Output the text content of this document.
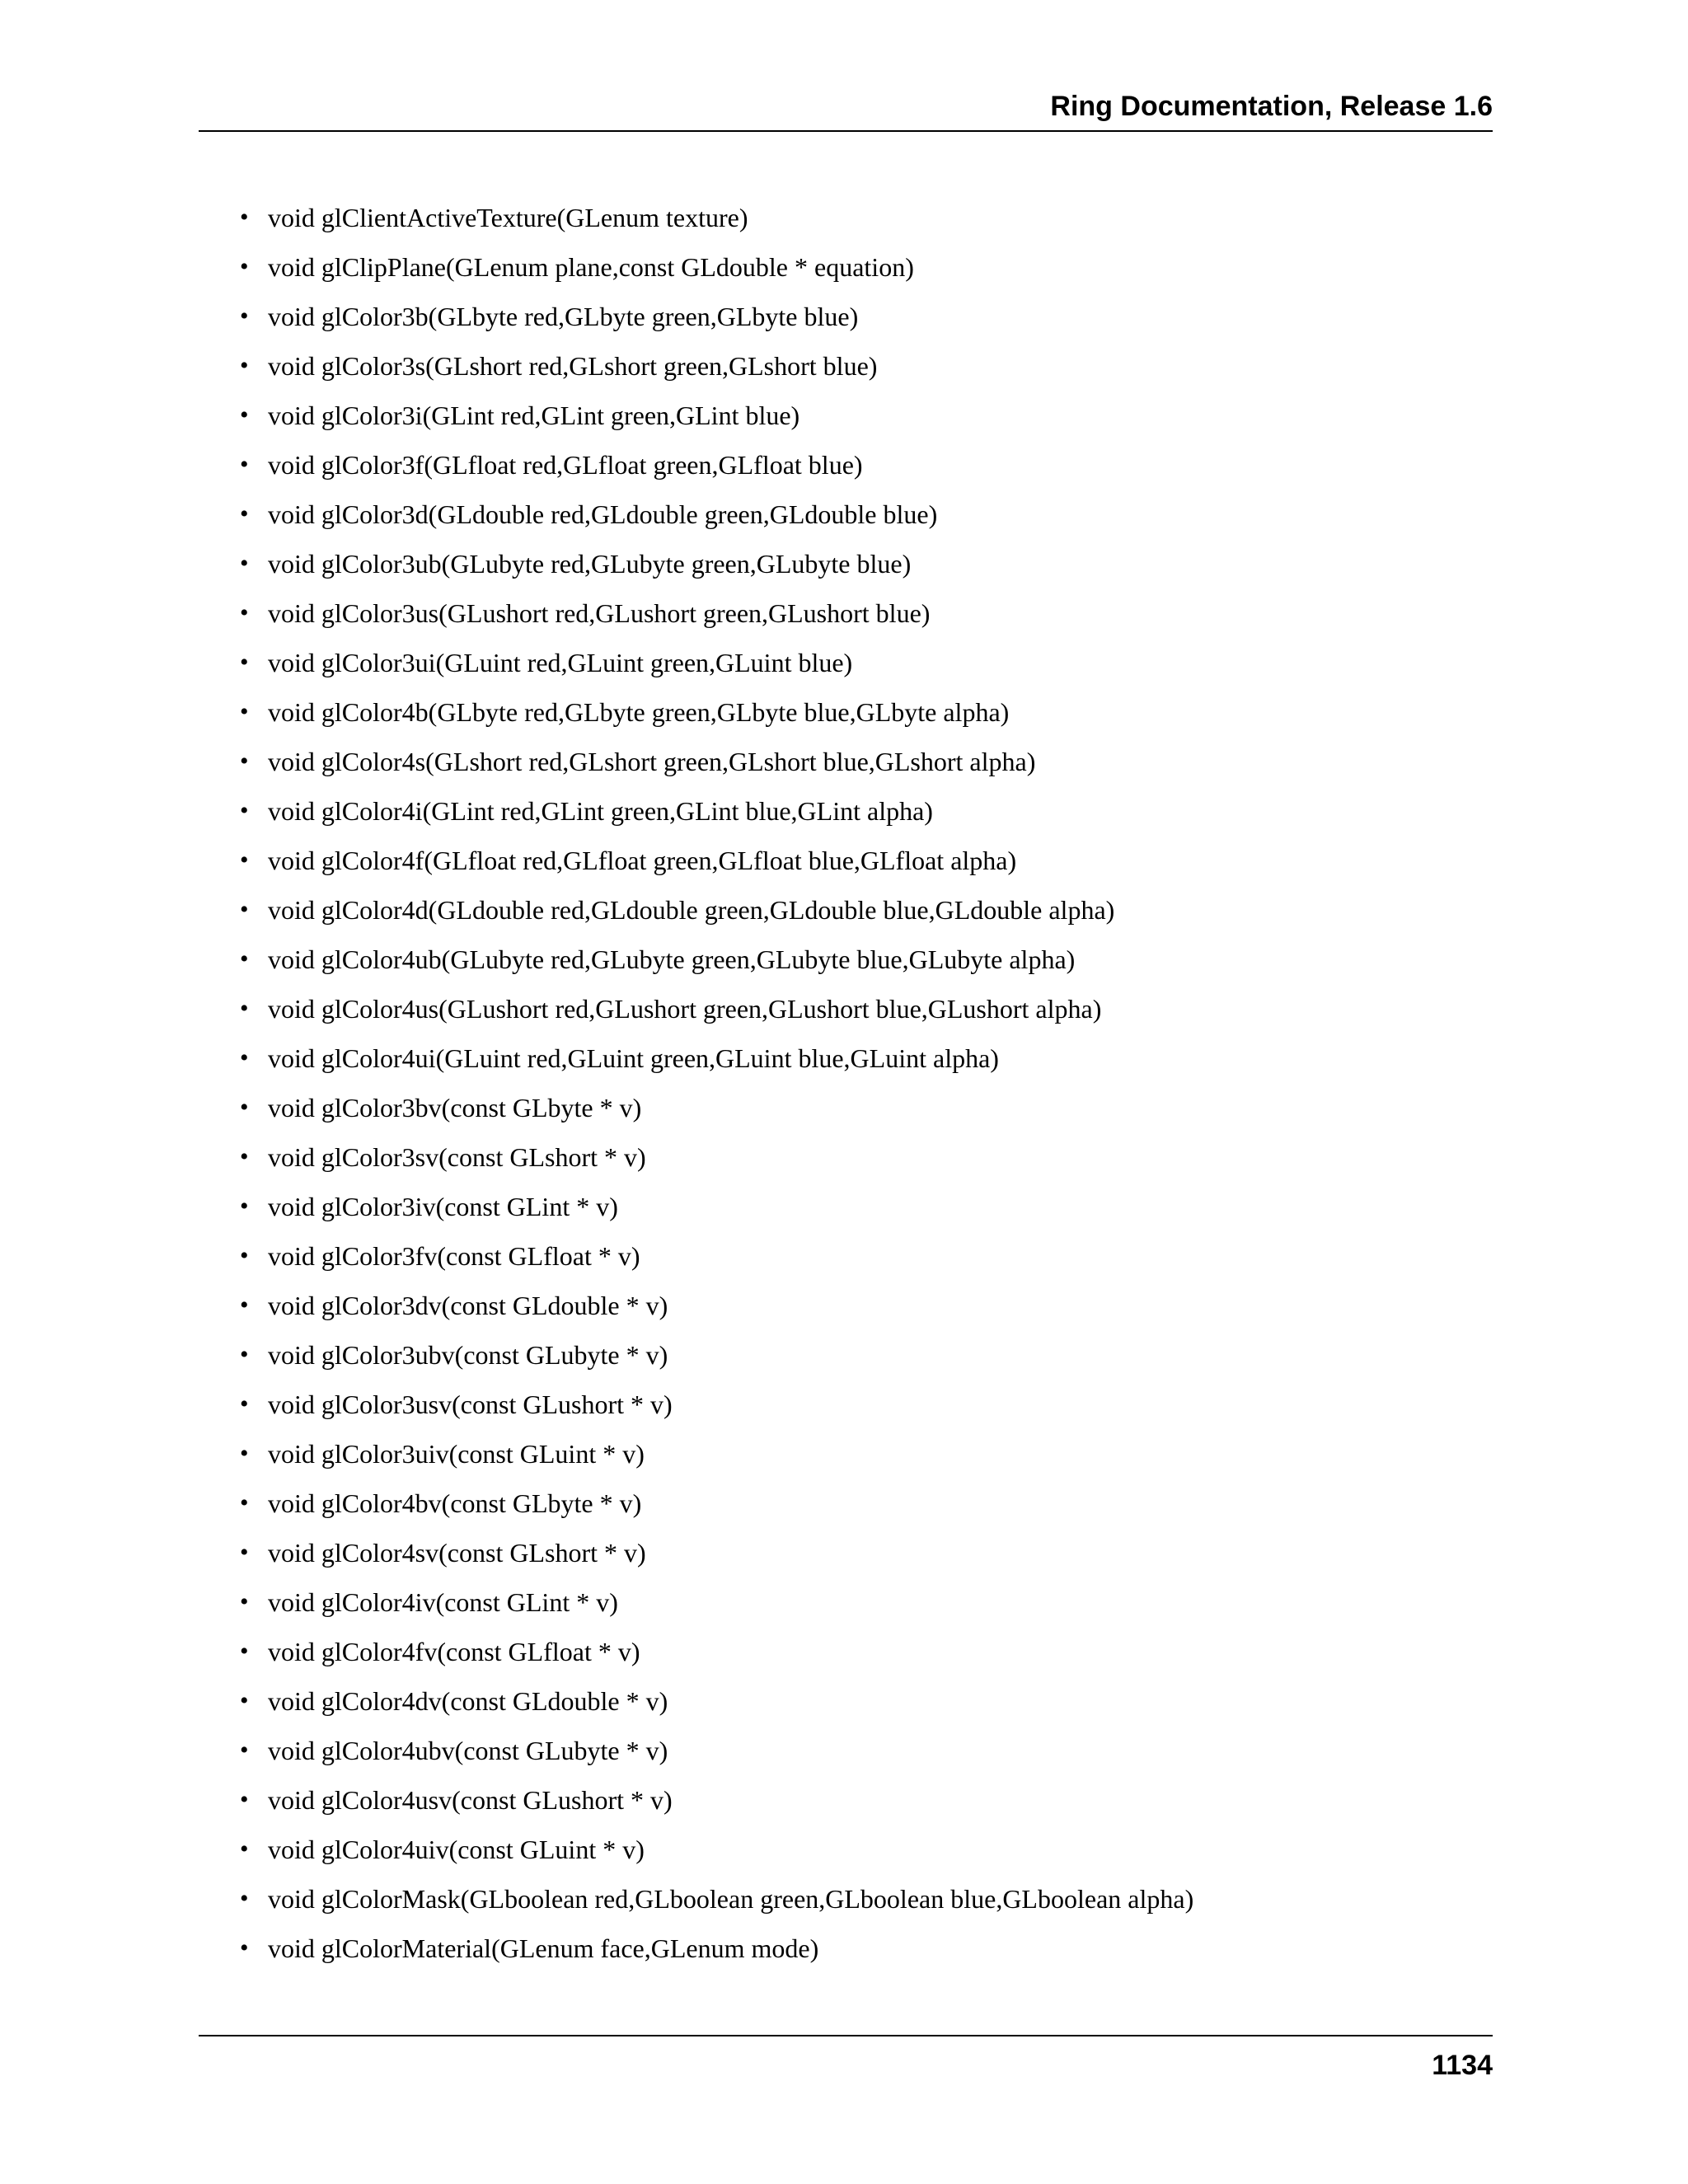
Ring Documentation, Release 1.6
• void glClientActiveTexture(GLenum texture)
• void glClipPlane(GLenum plane,const GLdouble * equation)
• void glColor3b(GLbyte red,GLbyte green,GLbyte blue)
• void glColor3s(GLshort red,GLshort green,GLshort blue)
• void glColor3i(GLint red,GLint green,GLint blue)
• void glColor3f(GLfloat red,GLfloat green,GLfloat blue)
• void glColor3d(GLdouble red,GLdouble green,GLdouble blue)
• void glColor3ub(GLubyte red,GLubyte green,GLubyte blue)
• void glColor3us(GLushort red,GLushort green,GLushort blue)
• void glColor3ui(GLuint red,GLuint green,GLuint blue)
• void glColor4b(GLbyte red,GLbyte green,GLbyte blue,GLbyte alpha)
• void glColor4s(GLshort red,GLshort green,GLshort blue,GLshort alpha)
• void glColor4i(GLint red,GLint green,GLint blue,GLint alpha)
• void glColor4f(GLfloat red,GLfloat green,GLfloat blue,GLfloat alpha)
• void glColor4d(GLdouble red,GLdouble green,GLdouble blue,GLdouble alpha)
• void glColor4ub(GLubyte red,GLubyte green,GLubyte blue,GLubyte alpha)
• void glColor4us(GLushort red,GLushort green,GLushort blue,GLushort alpha)
• void glColor4ui(GLuint red,GLuint green,GLuint blue,GLuint alpha)
• void glColor3bv(const GLbyte * v)
• void glColor3sv(const GLshort * v)
• void glColor3iv(const GLint * v)
• void glColor3fv(const GLfloat * v)
• void glColor3dv(const GLdouble * v)
• void glColor3ubv(const GLubyte * v)
• void glColor3usv(const GLushort * v)
• void glColor3uiv(const GLuint * v)
• void glColor4bv(const GLbyte * v)
• void glColor4sv(const GLshort * v)
• void glColor4iv(const GLint * v)
• void glColor4fv(const GLfloat * v)
• void glColor4dv(const GLdouble * v)
• void glColor4ubv(const GLubyte * v)
• void glColor4usv(const GLushort * v)
• void glColor4uiv(const GLuint * v)
• void glColorMask(GLboolean red,GLboolean green,GLboolean blue,GLboolean alpha)
• void glColorMaterial(GLenum face,GLenum mode)
1134
